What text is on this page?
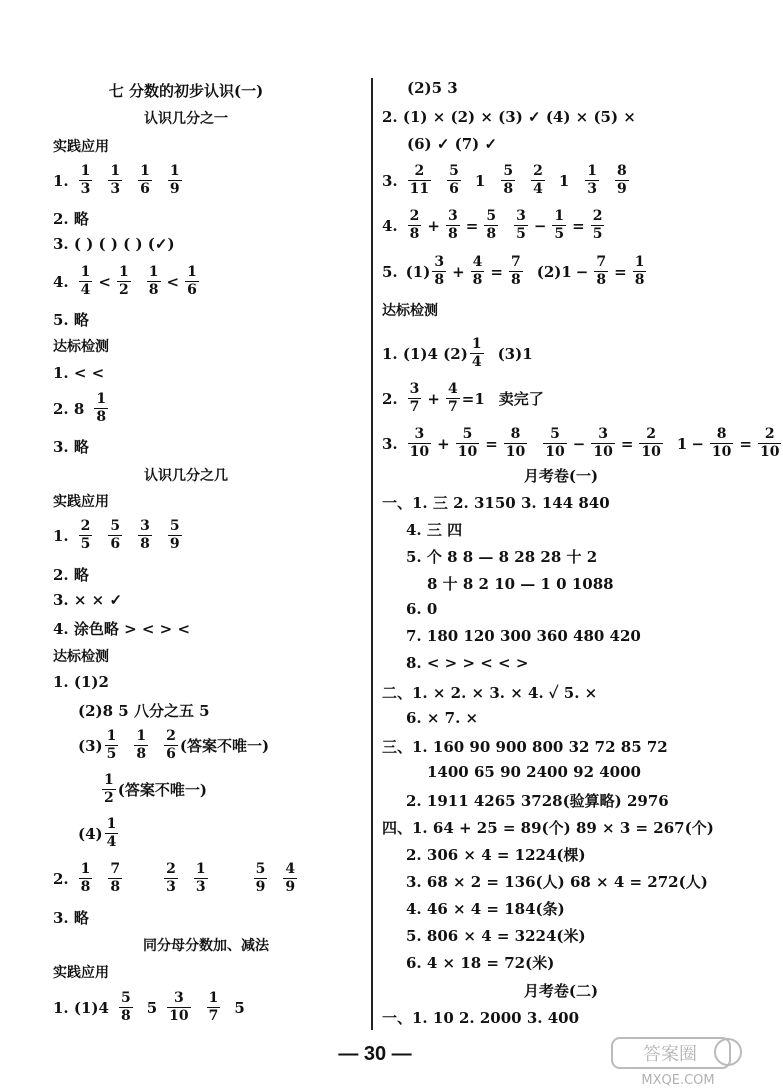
七 分数的初步认识(一)
认识几分之一
实践应用
1.
1
3
1
3
1
6
1
9
2. 略
3. ( ) ( ) ( ) (✓)
4.
1
4 <
1
2
1
8 <
1
6
5. 略
达标检测
1. < <
2. 8
1
8
3. 略
认识几分之几
实践应用
1.
2
5
5
6
3
8
5
9
2. 略
3. × × ✓
4. 涂色略 > < > <
达标检测
1. (1)2
(2)8 5 八分之五 5
(3)
1
5
1
8
2
6 (答案不唯一)
1
2 (答案不唯一)
(4)
1
4
2.
1
8
7
8
2
3
1
3
5
9
4
9
3. 略
同分母分数加、减法
实践应用
1. (1)4
5
8 5
3
10
1
7 5
(2)5 3
2. (1) × (2) × (3) ✓ (4) × (5) ×
(6) ✓ (7) ✓
3.
2
11
5
6 1
5
8
2
4 1
1
3
8
9
4.
2
$8 + \frac{3}{8} = \frac{5}{8} 3$
$5 - \frac{1}{5} = \frac{2}{5}$
5. (1)
3
$8 + \frac{4}{8} = \frac{7}{8} (2)1 - \frac{7}{8} = \frac{1}{8}$
达标检测
1. (1)4 (2)
1
4 (3)1
2.
3
$7 + \frac{4}{7} =1$ 卖完了
3.
3
$10 + \frac{5}{10} = \frac{8}{10} 5$
$10 - \frac{3}{10} = \frac{2}{10} 1 - \frac{8}{10} = \frac{2}{10}$
月考卷(一)
一、1. 三 2. 3150 3. 144 840
4. 三 四
5. 个 8 8 — 8 28 28 十 2
8 十 8 2 10 — 1 0 1088
6. 0
7. 180 120 300 360 480 420
8. < > > < < >
二、1. × 2. × 3. × 4. ✓ 5. ×
6. × 7. ×
三、1. 160 90 900 800 32 72 85 72
1400 65 90 2400 92 4000
2. 1911 4265 3728(验算略) 2976
四、1. 64 + 25 = 89(个) 89 × 3 = 267(个)
2. 306 × 4 = 1224(棵)
3. 68 × 2 = 136(人) 68 × 4 = 272(人)
4. 46 × 4 = 184(条)
5. 806 × 4 = 3224(米)
6. 4 × 18 = 72(米)
月考卷(二)
一、1. 10 2. 2000 3. 400
— 30 —	答案圈
MXQE.COM
